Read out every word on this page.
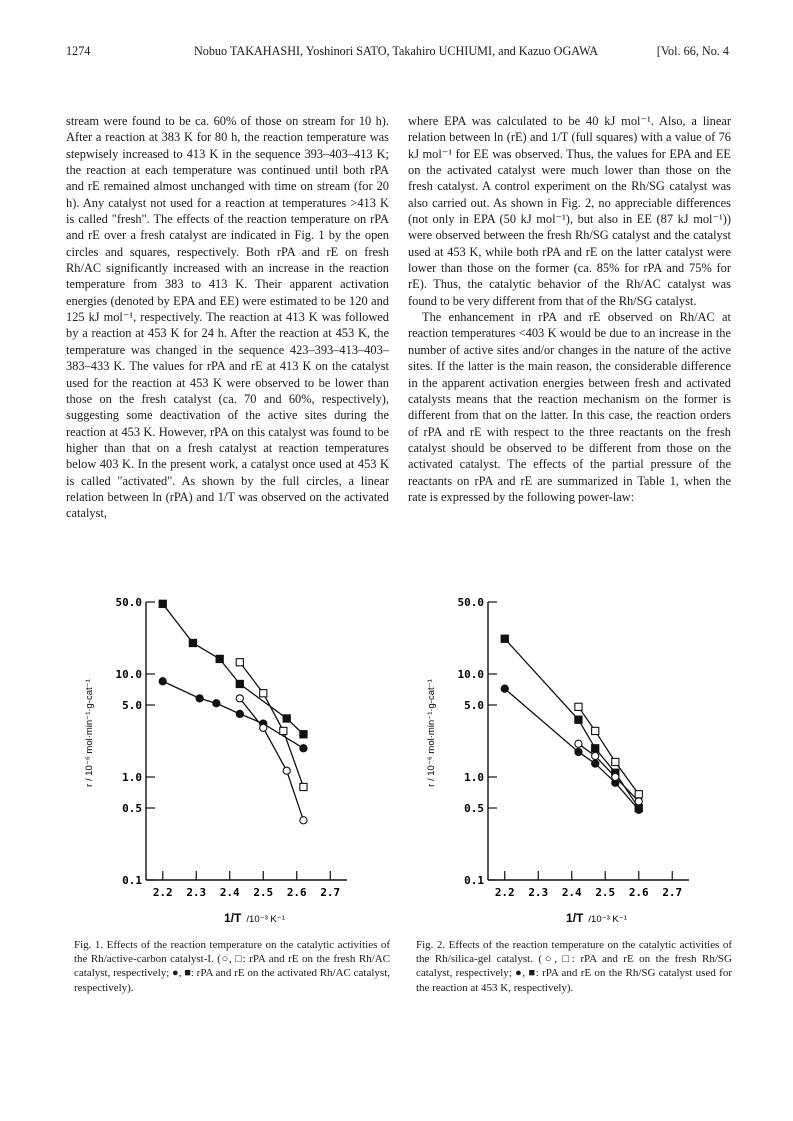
1274	Nobuo TAKAHASHI, Yoshinori SATO, Takahiro UCHIUMI, and Kazuo OGAWA	[Vol. 66, No. 4

stream were found to be ca. 60% of those on stream for 10 h). After a reaction at 383 K for 80 h, the reaction temperature was stepwisely increased to 413 K in the sequence 393–403–413 K; the reaction at each temperature was continued until both rPA and rE remained almost unchanged with time on stream (for 20 h). Any catalyst not used for a reaction at temperatures >413 K is called "fresh". The effects of the reaction temperature on rPA and rE over a fresh catalyst are indicated in Fig. 1 by the open circles and squares, respectively. Both rPA and rE on fresh Rh/AC significantly increased with an increase in the reaction temperature from 383 to 413 K. Their apparent activation energies (denoted by EPA and EE) were estimated to be 120 and 125 kJ mol⁻¹, respectively. The reaction at 413 K was followed by a reaction at 453 K for 24 h. After the reaction at 453 K, the temperature was changed in the sequence 423–393–413–403–383–433 K. The values for rPA and rE at 413 K on the catalyst used for the reaction at 453 K were observed to be lower than those on the fresh catalyst (ca. 70 and 60%, respectively), suggesting some deactivation of the active sites during the reaction at 453 K. However, rPA on this catalyst was found to be higher than that on a fresh catalyst at reaction temperatures below 403 K. In the present work, a catalyst once used at 453 K is called "activated". As shown by the full circles, a linear relation between ln (rPA) and 1/T was observed on the activated catalyst,

where EPA was calculated to be 40 kJ mol⁻¹. Also, a linear relation between ln (rE) and 1/T (full squares) with a value of 76 kJ mol⁻¹ for EE was observed. Thus, the values for EPA and EE on the activated catalyst were much lower than those on the fresh catalyst. A control experiment on the Rh/SG catalyst was also carried out. As shown in Fig. 2, no appreciable differences (not only in EPA (50 kJ mol⁻¹), but also in EE (87 kJ mol⁻¹)) were observed between the fresh Rh/SG catalyst and the catalyst used at 453 K, while both rPA and rE on the latter catalyst were lower than those on the former (ca. 85% for rPA and 75% for rE). Thus, the catalytic behavior of the Rh/AC catalyst was found to be very different from that of the Rh/SG catalyst.

The enhancement in rPA and rE observed on Rh/AC at reaction temperatures <403 K would be due to an increase in the number of active sites and/or changes in the nature of the active sites. If the latter is the main reason, the considerable difference in the apparent activation energies between fresh and activated catalysts means that the reaction mechanism on the former is different from that on the latter. In this case, the reaction orders of rPA and rE with respect to the three reactants on the fresh catalyst should be observed to be different from those on the activated catalyst. The effects of the partial pressure of the reactants on rPA and rE are summarized in Table 1, when the rate is expressed by the following power-law:

50.0
10.0
5.0
1.0
0.5
0.1
2.2 2.3 2.4 2.5 2.6 2.7
1/T /10⁻³ K⁻¹
r / 10⁻⁶ mol·min⁻¹·g-cat⁻¹
50.0
10.0
5.0
1.0
0.5
0.1
2.2 2.3 2.4 2.5 2.6 2.7
1/T /10⁻³ K⁻¹
r / 10⁻⁶ mol·min⁻¹·g-cat⁻¹
Fig. 1. Effects of the reaction temperature on the catalytic activities of the Rh/active-carbon catalyst-I. (○, □: rPA and rE on the fresh Rh/AC catalyst, respectively; ●, ■: rPA and rE on the activated Rh/AC catalyst, respectively).
Fig. 2. Effects of the reaction temperature on the catalytic activities of the Rh/silica-gel catalyst. (○, □: rPA and rE on the fresh Rh/SG catalyst, respectively; ●, ■: rPA and rE on the Rh/SG catalyst used for the reaction at 453 K, respectively).
